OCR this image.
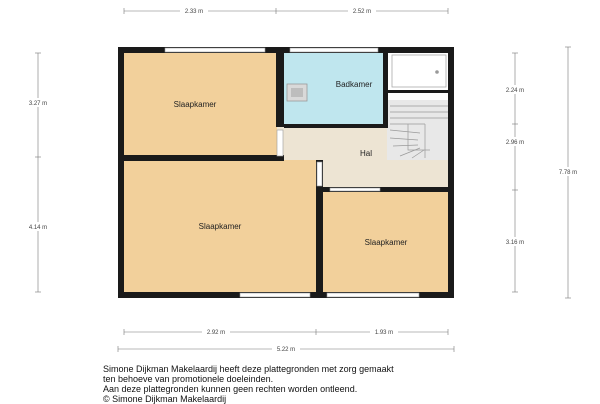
Slaapkamer
Badkamer
Hal
Slaapkamer
Slaapkamer
2.33 m	2.52 m
3.27 m
4.14 m
2.24 m
2.96 m
3.16 m
7.78 m
2.92 m	1.93 m
5.22 m
Simone Dijkman Makelaardij heeft deze plattegronden met zorg gemaakt
ten behoeve van promotionele doeleinden.
Aan deze plattegronden kunnen geen rechten worden ontleend.
© Simone Dijkman Makelaardij
